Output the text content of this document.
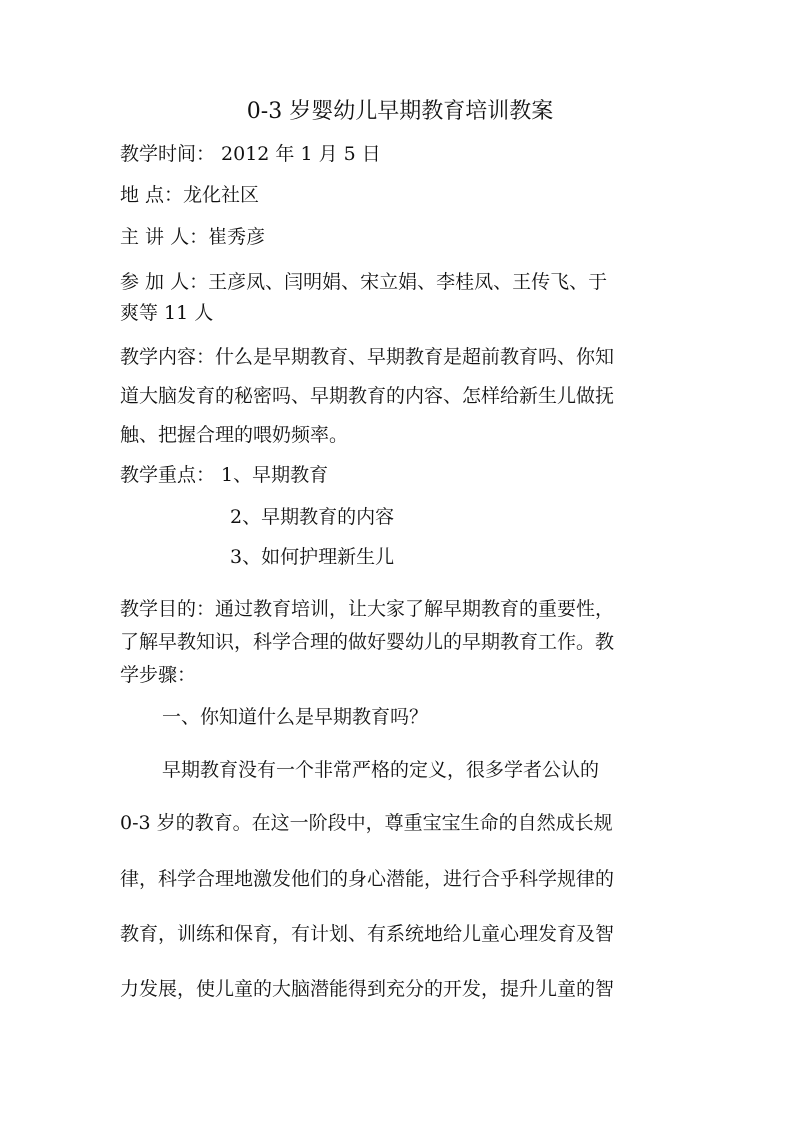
0-3 岁婴幼儿早期教育培训教案
教学时间： 2012 年 1 月 5 日
地 点：龙化社区
主 讲 人：崔秀彦
参 加 人：王彦凤、闫明娟、宋立娟、李桂凤、王传飞、于
爽等 11 人
教学内容：什么是早期教育、早期教育是超前教育吗、你知
道大脑发育的秘密吗、早期教育的内容、怎样给新生儿做抚
触、把握合理的喂奶频率。
教学重点： 1、早期教育
2、早期教育的内容
3、如何护理新生儿
教学目的：通过教育培训，让大家了解早期教育的重要性，
了解早教知识，科学合理的做好婴幼儿的早期教育工作。教
学步骤：
一、你知道什么是早期教育吗？
早期教育没有一个非常严格的定义，很多学者公认的
0-3 岁的教育。在这一阶段中，尊重宝宝生命的自然成长规
律，科学合理地激发他们的身心潜能，进行合乎科学规律的
教育，训练和保育，有计划、有系统地给儿童心理发育及智
力发展，使儿童的大脑潜能得到充分的开发，提升儿童的智
